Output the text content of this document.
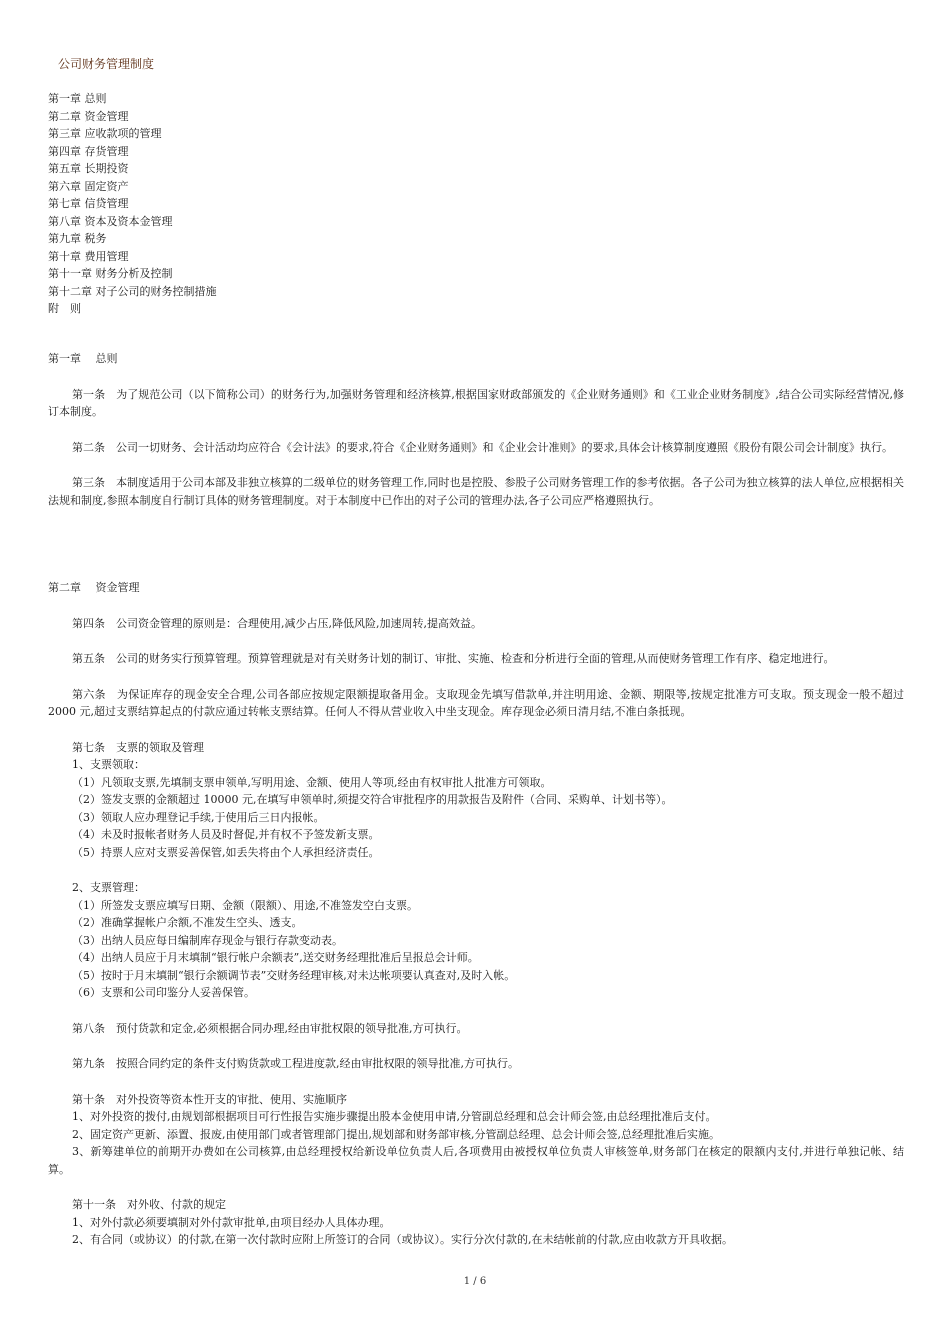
公司财务管理制度
第一章 总则
第二章 资金管理
第三章 应收款项的管理
第四章 存货管理
第五章 长期投资
第六章 固定资产
第七章 信贷管理
第八章 资本及资本金管理
第九章 税务
第十章 费用管理
第十一章 财务分析及控制
第十二章 对子公司的财务控制措施
附　则

第一章　 总则

第一条　为了规范公司（以下简称公司）的财务行为,加强财务管理和经济核算,根据国家财政部颁发的《企业财务通则》和《工业企业财务制度》,结合公司实际经营情况,修订本制度。

第二条　公司一切财务、会计活动均应符合《会计法》的要求,符合《企业财务通则》和《企业会计准则》的要求,具体会计核算制度遵照《股份有限公司会计制度》执行。

第三条　本制度适用于公司本部及非独立核算的二级单位的财务管理工作,同时也是控股、参股子公司财务管理工作的参考依据。各子公司为独立核算的法人单位,应根据相关法规和制度,参照本制度自行制订具体的财务管理制度。对于本制度中已作出的对子公司的管理办法,各子公司应严格遵照执行。

第二章　 资金管理

第四条　公司资金管理的原则是：合理使用,减少占压,降低风险,加速周转,提高效益。

第五条　公司的财务实行预算管理。预算管理就是对有关财务计划的制订、审批、实施、检查和分析进行全面的管理,从而使财务管理工作有序、稳定地进行。

第六条　为保证库存的现金安全合理,公司各部应按规定限额提取备用金。支取现金先填写借款单,并注明用途、金额、期限等,按规定批准方可支取。预支现金一般不超过 2000 元,超过支票结算起点的付款应通过转帐支票结算。任何人不得从营业收入中坐支现金。库存现金必须日清月结,不准白条抵现。

第七条　支票的领取及管理

1、支票领取：

（1）凡领取支票,先填制支票申领单,写明用途、金额、使用人等项,经由有权审批人批准方可领取。

（2）签发支票的金额超过 10000 元,在填写申领单时,须提交符合审批程序的用款报告及附件（合同、采购单、计划书等）。

（3）领取人应办理登记手续,于使用后三日内报帐。

（4）未及时报帐者财务人员及时督促,并有权不予签发新支票。

（5）持票人应对支票妥善保管,如丢失将由个人承担经济责任。

2、支票管理：

（1）所签发支票应填写日期、金额（限额）、用途,不准签发空白支票。

（2）准确掌握帐户余额,不准发生空头、透支。

（3）出纳人员应每日编制库存现金与银行存款变动表。

（4）出纳人员应于月末填制“银行帐户余额表”,送交财务经理批准后呈报总会计师。

（5）按时于月末填制“银行余额调节表”交财务经理审核,对未达帐项要认真查对,及时入帐。

（6）支票和公司印鉴分人妥善保管。

第八条　预付货款和定金,必须根据合同办理,经由审批权限的领导批准,方可执行。

第九条　按照合同约定的条件支付购货款或工程进度款,经由审批权限的领导批准,方可执行。

第十条　对外投资等资本性开支的审批、使用、实施顺序

1、对外投资的拨付,由规划部根据项目可行性报告实施步骤提出股本金使用申请,分管副总经理和总会计师会签,由总经理批准后支付。

2、固定资产更新、添置、报废,由使用部门或者管理部门提出,规划部和财务部审核,分管副总经理、总会计师会签,总经理批准后实施。

3、新筹建单位的前期开办费如在公司核算,由总经理授权给新设单位负责人后,各项费用由被授权单位负责人审核签单,财务部门在核定的限额内支付,并进行单独记帐、结算。

第十一条　对外收、付款的规定

1、对外付款必须要填制对外付款审批单,由项目经办人具体办理。

2、有合同（或协议）的付款,在第一次付款时应附上所签订的合同（或协议）。实行分次付款的,在未结帐前的付款,应由收款方开具收据。

1 / 6
